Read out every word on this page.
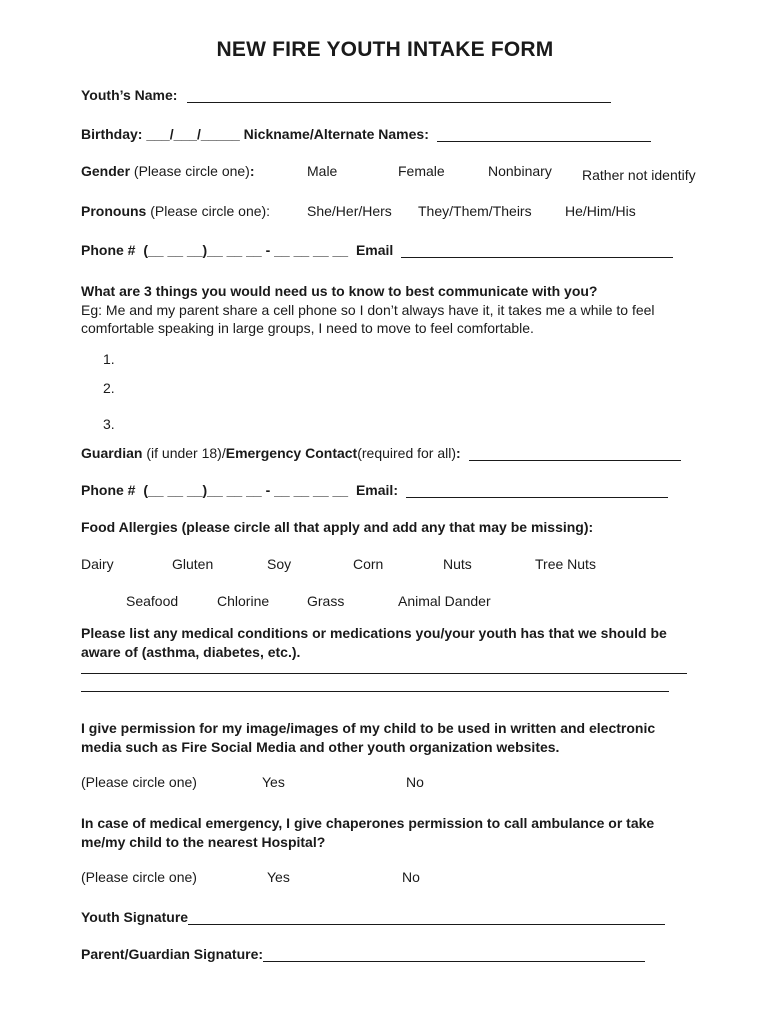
NEW FIRE YOUTH INTAKE FORM
Youth’s Name:
Birthday: ___/___/_____ Nickname/Alternate Names:
Gender (Please circle one):	Male	Female	Nonbinary Rather not identify
Pronouns (Please circle one):	She/Her/Hers They/Them/Theirs He/Him/His
Phone # (__ __ __)__ __ __ - __ __ __ __ Email
What are 3 things you would need us to know to best communicate with you?
Eg: Me and my parent share a cell phone so I don’t always have it, it takes me a while to feel comfortable speaking in large groups, I need to move to feel comfortable.
1.
2.
3.
Guardian (if under 18)/Emergency Contact(required for all):
Phone # (__ __ __)__ __ __ - __ __ __ __ Email:
Food Allergies (please circle all that apply and add any that may be missing):
Dairy	Gluten	Soy	Corn	Nuts	Tree Nuts
Seafood	Chlorine	Grass	Animal Dander
Please list any medical conditions or medications you/your youth has that we should be aware of (asthma, diabetes, etc.).
I give permission for my image/images of my child to be used in written and electronic media such as Fire Social Media and other youth organization websites.
(Please circle one)	Yes	No
In case of medical emergency, I give chaperones permission to call ambulance or take me/my child to the nearest Hospital?
(Please circle one)	Yes	No
Youth Signature
Parent/Guardian Signature:
